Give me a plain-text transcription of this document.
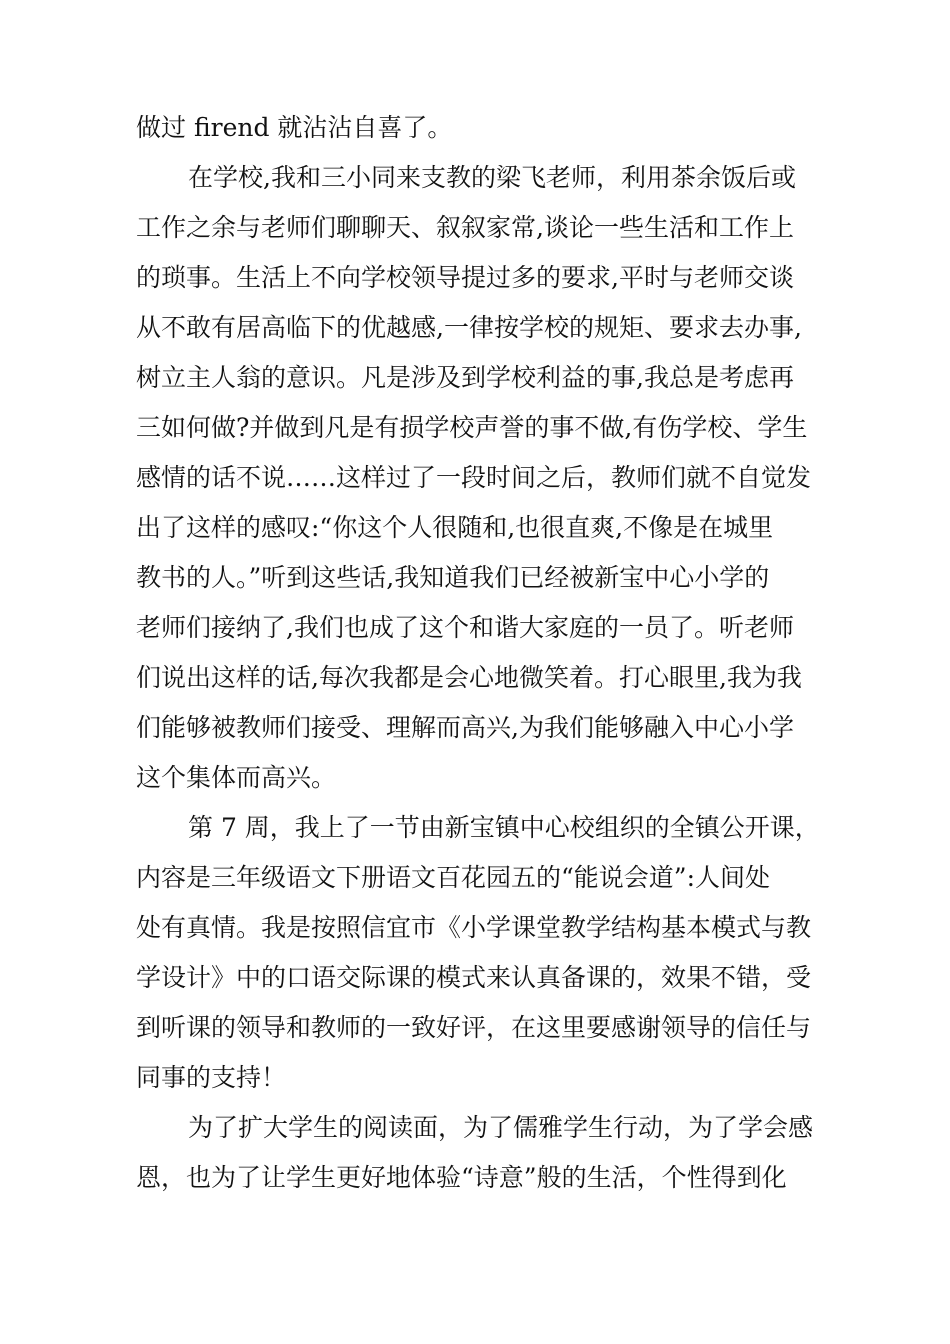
做过 firend 就沾沾自喜了。

在学校,我和三小同来支教的梁飞老师，利用茶余饭后或
工作之余与老师们聊聊天、叙叙家常,谈论一些生活和工作上
的琐事。生活上不向学校领导提过多的要求,平时与老师交谈
从不敢有居高临下的优越感,一律按学校的规矩、要求去办事,
树立主人翁的意识。凡是涉及到学校利益的事,我总是考虑再
三如何做?并做到凡是有损学校声誉的事不做,有伤学校、学生
感情的话不说……这样过了一段时间之后，教师们就不自觉发
出了这样的感叹:“你这个人很随和,也很直爽,不像是在城里
教书的人。”听到这些话,我知道我们已经被新宝中心小学的
老师们接纳了,我们也成了这个和谐大家庭的一员了。听老师
们说出这样的话,每次我都是会心地微笑着。打心眼里,我为我
们能够被教师们接受、理解而高兴,为我们能够融入中心小学
这个集体而高兴。

第 7 周，我上了一节由新宝镇中心校组织的全镇公开课，
内容是三年级语文下册语文百花园五的“能说会道”:人间处
处有真情。我是按照信宜市《小学课堂教学结构基本模式与教
学设计》中的口语交际课的模式来认真备课的，效果不错，受
到听课的领导和教师的一致好评，在这里要感谢领导的信任与
同事的支持！

为了扩大学生的阅读面，为了儒雅学生行动，为了学会感
恩，也为了让学生更好地体验“诗意”般的生活，个性得到化
